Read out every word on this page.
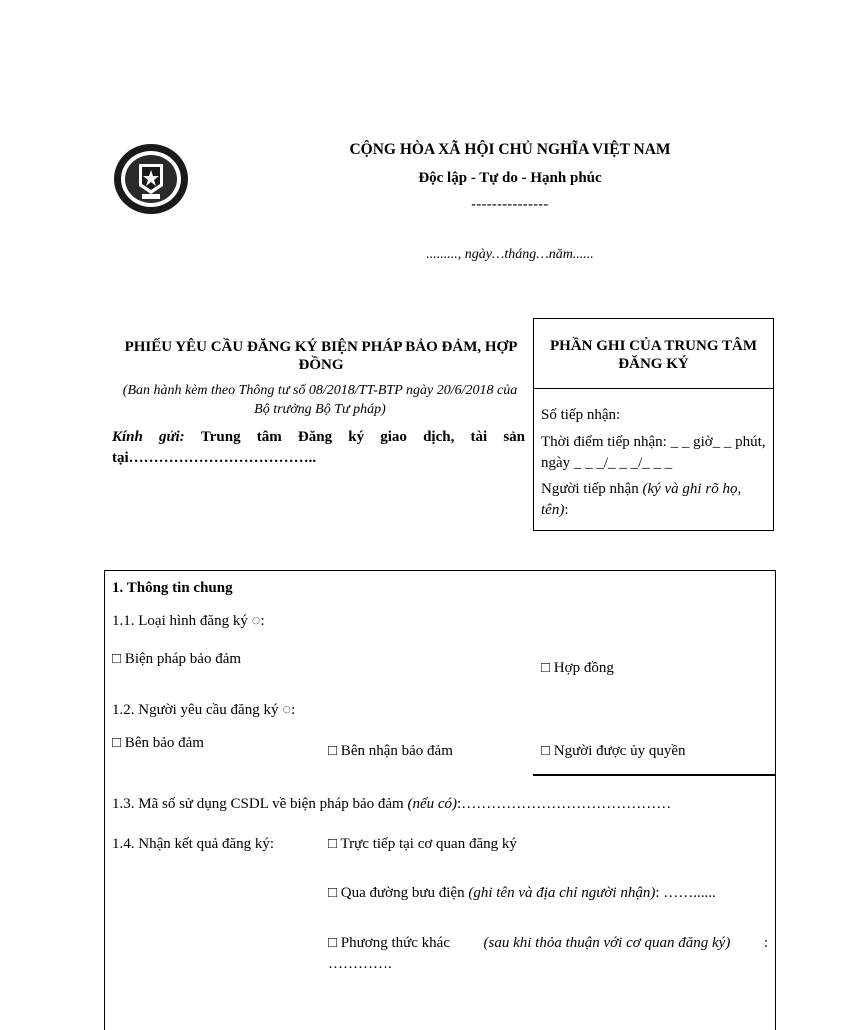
CỘNG HÒA XÃ HỘI CHỦ NGHĨA VIỆT NAM
Độc lập - Tự do - Hạnh phúc
---------------
........., ngày…tháng…năm......
PHIẾU YÊU CẦU ĐĂNG KÝ BIỆN PHÁP BẢO ĐẢM, HỢP ĐỒNG
(Ban hành kèm theo Thông tư số 08/2018/TT-BTP ngày 20/6/2018 của Bộ trưởng Bộ Tư pháp)
Kính gửi: Trung tâm Đăng ký giao dịch, tài sản tại………………………………..
PHẦN GHI CỦA TRUNG TÂM ĐĂNG KÝ
Số tiếp nhận:
Thời điểm tiếp nhận: _ _ giờ_ _ phút, ngày _ _ _/_ _ _/_ _ _
Người tiếp nhận (ký và ghi rõ họ, tên):
1. Thông tin chung
1.1. Loại hình đăng ký ◌:
□ Biện pháp bảo đảm
□ Hợp đồng
1.2. Người yêu cầu đăng ký ◌:
□ Bên bảo đảm	□ Bên nhận bảo đảm	□ Người được ủy quyền
1.3. Mã số sử dụng CSDL về biện pháp bảo đảm (nếu có):……………………………………
1.4. Nhận kết quả đăng ký:	□ Trực tiếp tại cơ quan đăng ký
□ Qua đường bưu điện (ghi tên và địa chỉ người nhận): ……......
□ Phương thức khác (sau khi thỏa thuận với cơ quan đăng ký) :
………….
